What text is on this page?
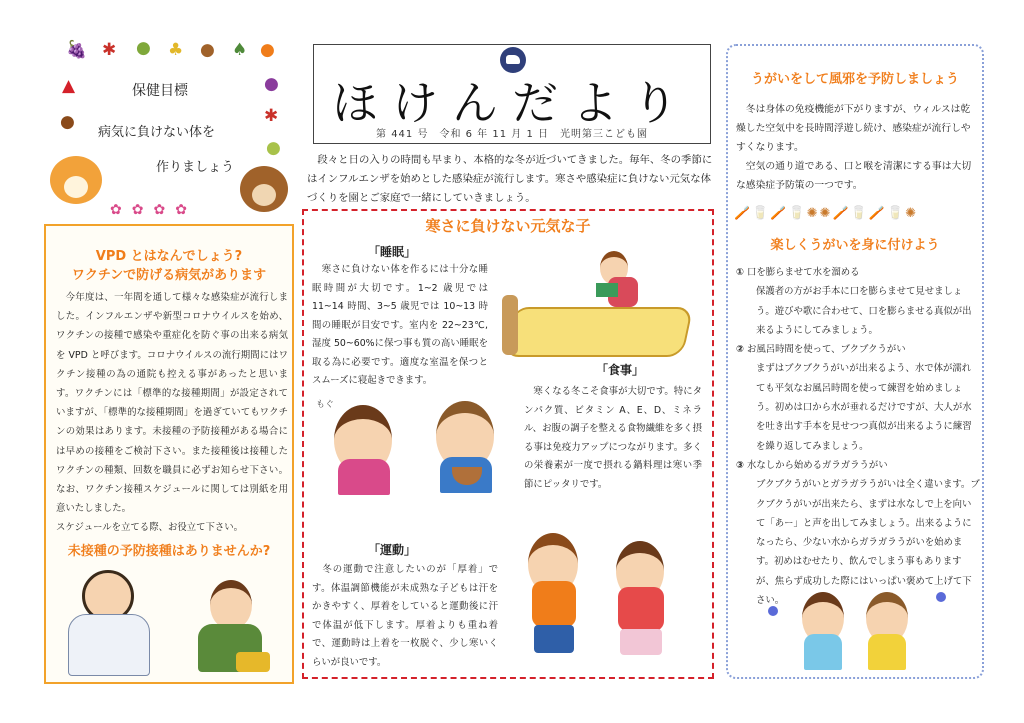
🍇 ✱ ● ♣ ● ♠ ●
▲	●
●	✱
●
✿✿✿✿
保健目標
病気に負けない体を
作りましょう
ほけんだより
第 441 号　令和 6 年 11 月 1 日　光明第三こども園
　段々と日の入りの時間も早まり、本格的な冬が近づいてきました。毎年、冬の季節にはインフルエンザを始めとした感染症が流行します。寒さや感染症に負けない元気な体づくりを園とご家庭で一緒にしていきましょう。
VPD とはなんでしょう?
ワクチンで防げる病気があります
　今年度は、一年間を通して様々な感染症が流行しました。インフルエンザや新型コロナウイルスを始め、ワクチンの接種で感染や重症化を防ぐ事の出来る病気を VPD と呼びます。コロナウイルスの流行期間にはワクチン接種の為の通院も控える事があったと思います。ワクチンには「標準的な接種期間」が設定されていますが、「標準的な接種期間」を過ぎていてもワクチンの効果はあります。未接種の予防接種がある場合には早めの接種をご検討下さい。また接種後は接種したワクチンの種類、回数を職員に必ずお知らせ下さい。なお、ワクチン接種スケジュールに関しては別紙を用意いたしました。
スケジュールを立てる際、お役立て下さい。
未接種の予防接種はありませんか?
寒さに負けない元気な子
「睡眠」
　寒さに負けない体を作るには十分な睡眠時間が大切です。1~2 歳児では 11~14 時間、3~5 歳児では 10~13 時間の睡眠が目安です。室内を 22~23℃,湿度 50~60%に保つ事も質の高い睡眠を取る為に必要です。適度な室温を保つとスムーズに寝起きできます。
「食事」
　寒くなる冬こそ食事が大切です。特にタンパク質、ビタミン A、E、D、ミネラル、お腹の調子を整える食物繊維を多く摂る事は免疫力アップにつながります。多くの栄養素が一度で摂れる鍋料理は寒い季節にピッタリです。
もぐ
「運動」
　冬の運動で注意したいのが「厚着」です。体温調節機能が未成熟な子どもは汗をかきやすく、厚着をしていると運動後に汗で体温が低下します。厚着よりも重ね着で、運動時は上着を一枚脱ぐ、少し寒いくらいが良いです。
うがいをして風邪を予防しましょう
　冬は身体の免疫機能が下がりますが、ウィルスは乾燥した空気中を長時間浮遊し続け、感染症が流行しやすくなります。
　空気の通り道である、口と喉を清潔にする事は大切な感染症予防策の一つです。
🪥🥛🪥🥛✺✺🪥🥛🪥🥛✺
楽しくうがいを身に付けよう
① 口を膨らませて水を溜める
保護者の方がお手本に口を膨らませて見せましょう。遊びや歌に合わせて、口を膨らませる真似が出来るようにしてみましょう。
② お風呂時間を使って、ブクブクうがい
まずはブクブクうがいが出来るよう、水で体が濡れても平気なお風呂時間を使って練習を始めましょう。初めは口から水が垂れるだけですが、大人が水を吐き出す手本を見せつつ真似が出来るように練習を繰り返してみましょう。
③ 水なしから始めるガラガラうがい
ブクブクうがいとガラガラうがいは全く違います。ブクブクうがいが出来たら、まずは水なしで上を向いて「あー」と声を出してみましょう。出来るようになったら、少ない水からガラガラうがいを始めます。初めはむせたり、飲んでしまう事もありますが、焦らず成功した際にはいっぱい褒めて上げて下さい。
